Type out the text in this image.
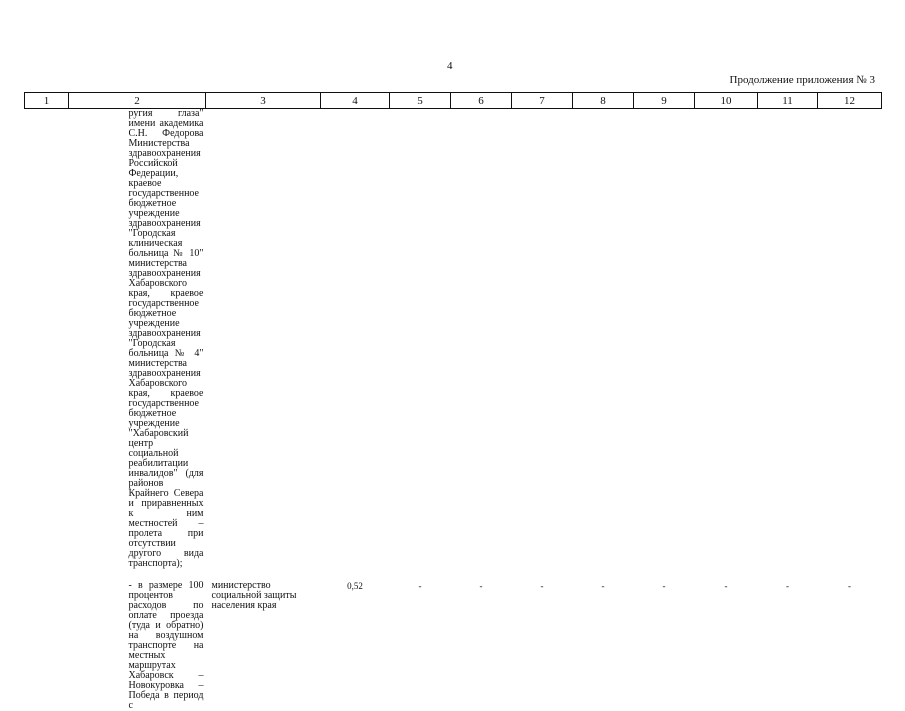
4
Продолжение приложения № 3
1	2	3	4	5	6	7	8	9	10	11	12
	ругия глаза" имени академика С.Н. Федорова Министерства здравоохранения Российской Федерации, краевое государственное бюджетное учреждение здравоохранения "Городская клиническая больница № 10" министерства здравоохранения Хабаровского края, краевое государственное бюджетное учреждение здравоохранения "Городская больница № 4" министерства здравоохранения Хабаровского края, краевое государственное бюджетное учреждение "Хабаровский центр социальной реабилитации инвалидов" (для районов Крайнего Севера и приравненных к ним местностей – пролета при отсутствии другого вида транспорта);										

	- в размере 100 процентов расходов по оплате проезда (туда и обратно) на воздушном транспорте на местных маршрутах Хабаровск – Новокуровка – Победа в период с	министерство социальной защиты населения края	0,52	-	-	-	-	-	-	-	-
